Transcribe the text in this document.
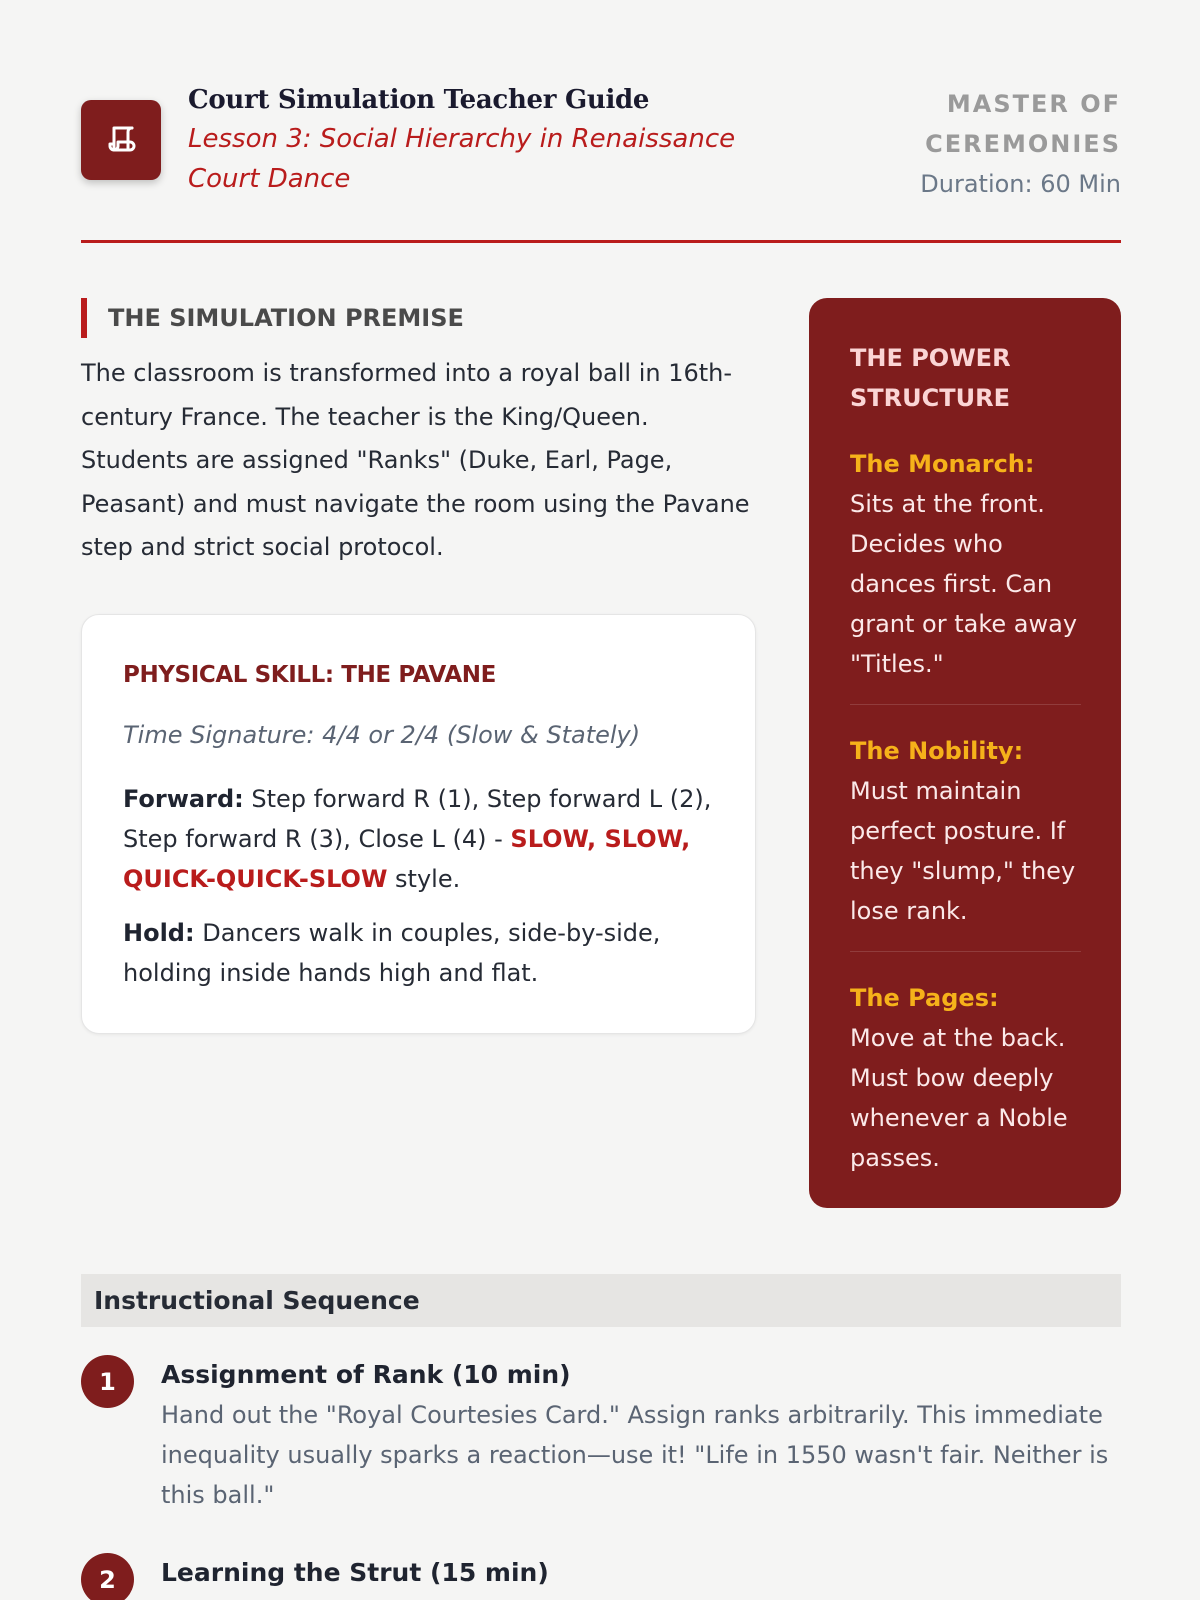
Court Simulation Teacher Guide
Lesson 3: Social Hierarchy in Renaissance Court Dance
MASTER OF CEREMONIES
Duration: 60 Min
THE SIMULATION PREMISE

The classroom is transformed into a royal ball in 16th-century France. The teacher is the King/Queen. Students are assigned "Ranks" (Duke, Earl, Page, Peasant) and must navigate the room using the Pavane step and strict social protocol.

PHYSICAL SKILL: THE PAVANE
Time Signature: 4/4 or 2/4 (Slow & Stately)

Forward: Step forward R (1), Step forward L (2), Step forward R (3), Close L (4) - SLOW, SLOW, QUICK-QUICK-SLOW style.

Hold: Dancers walk in couples, side-by-side, holding inside hands high and flat.

THE POWER STRUCTURE
The Monarch:
Sits at the front. Decides who dances first. Can grant or take away "Titles."
The Nobility:
Must maintain perfect posture. If they "slump," they lose rank.
The Pages:
Move at the back. Must bow deeply whenever a Noble passes.
Instructional Sequence
1	Assignment of Rank (10 min)
Hand out the "Royal Courtesies Card." Assign ranks arbitrarily. This immediate inequality usually sparks a reaction—use it! "Life in 1550 wasn't fair. Neither is this ball."
2	Learning the Strut (15 min)
